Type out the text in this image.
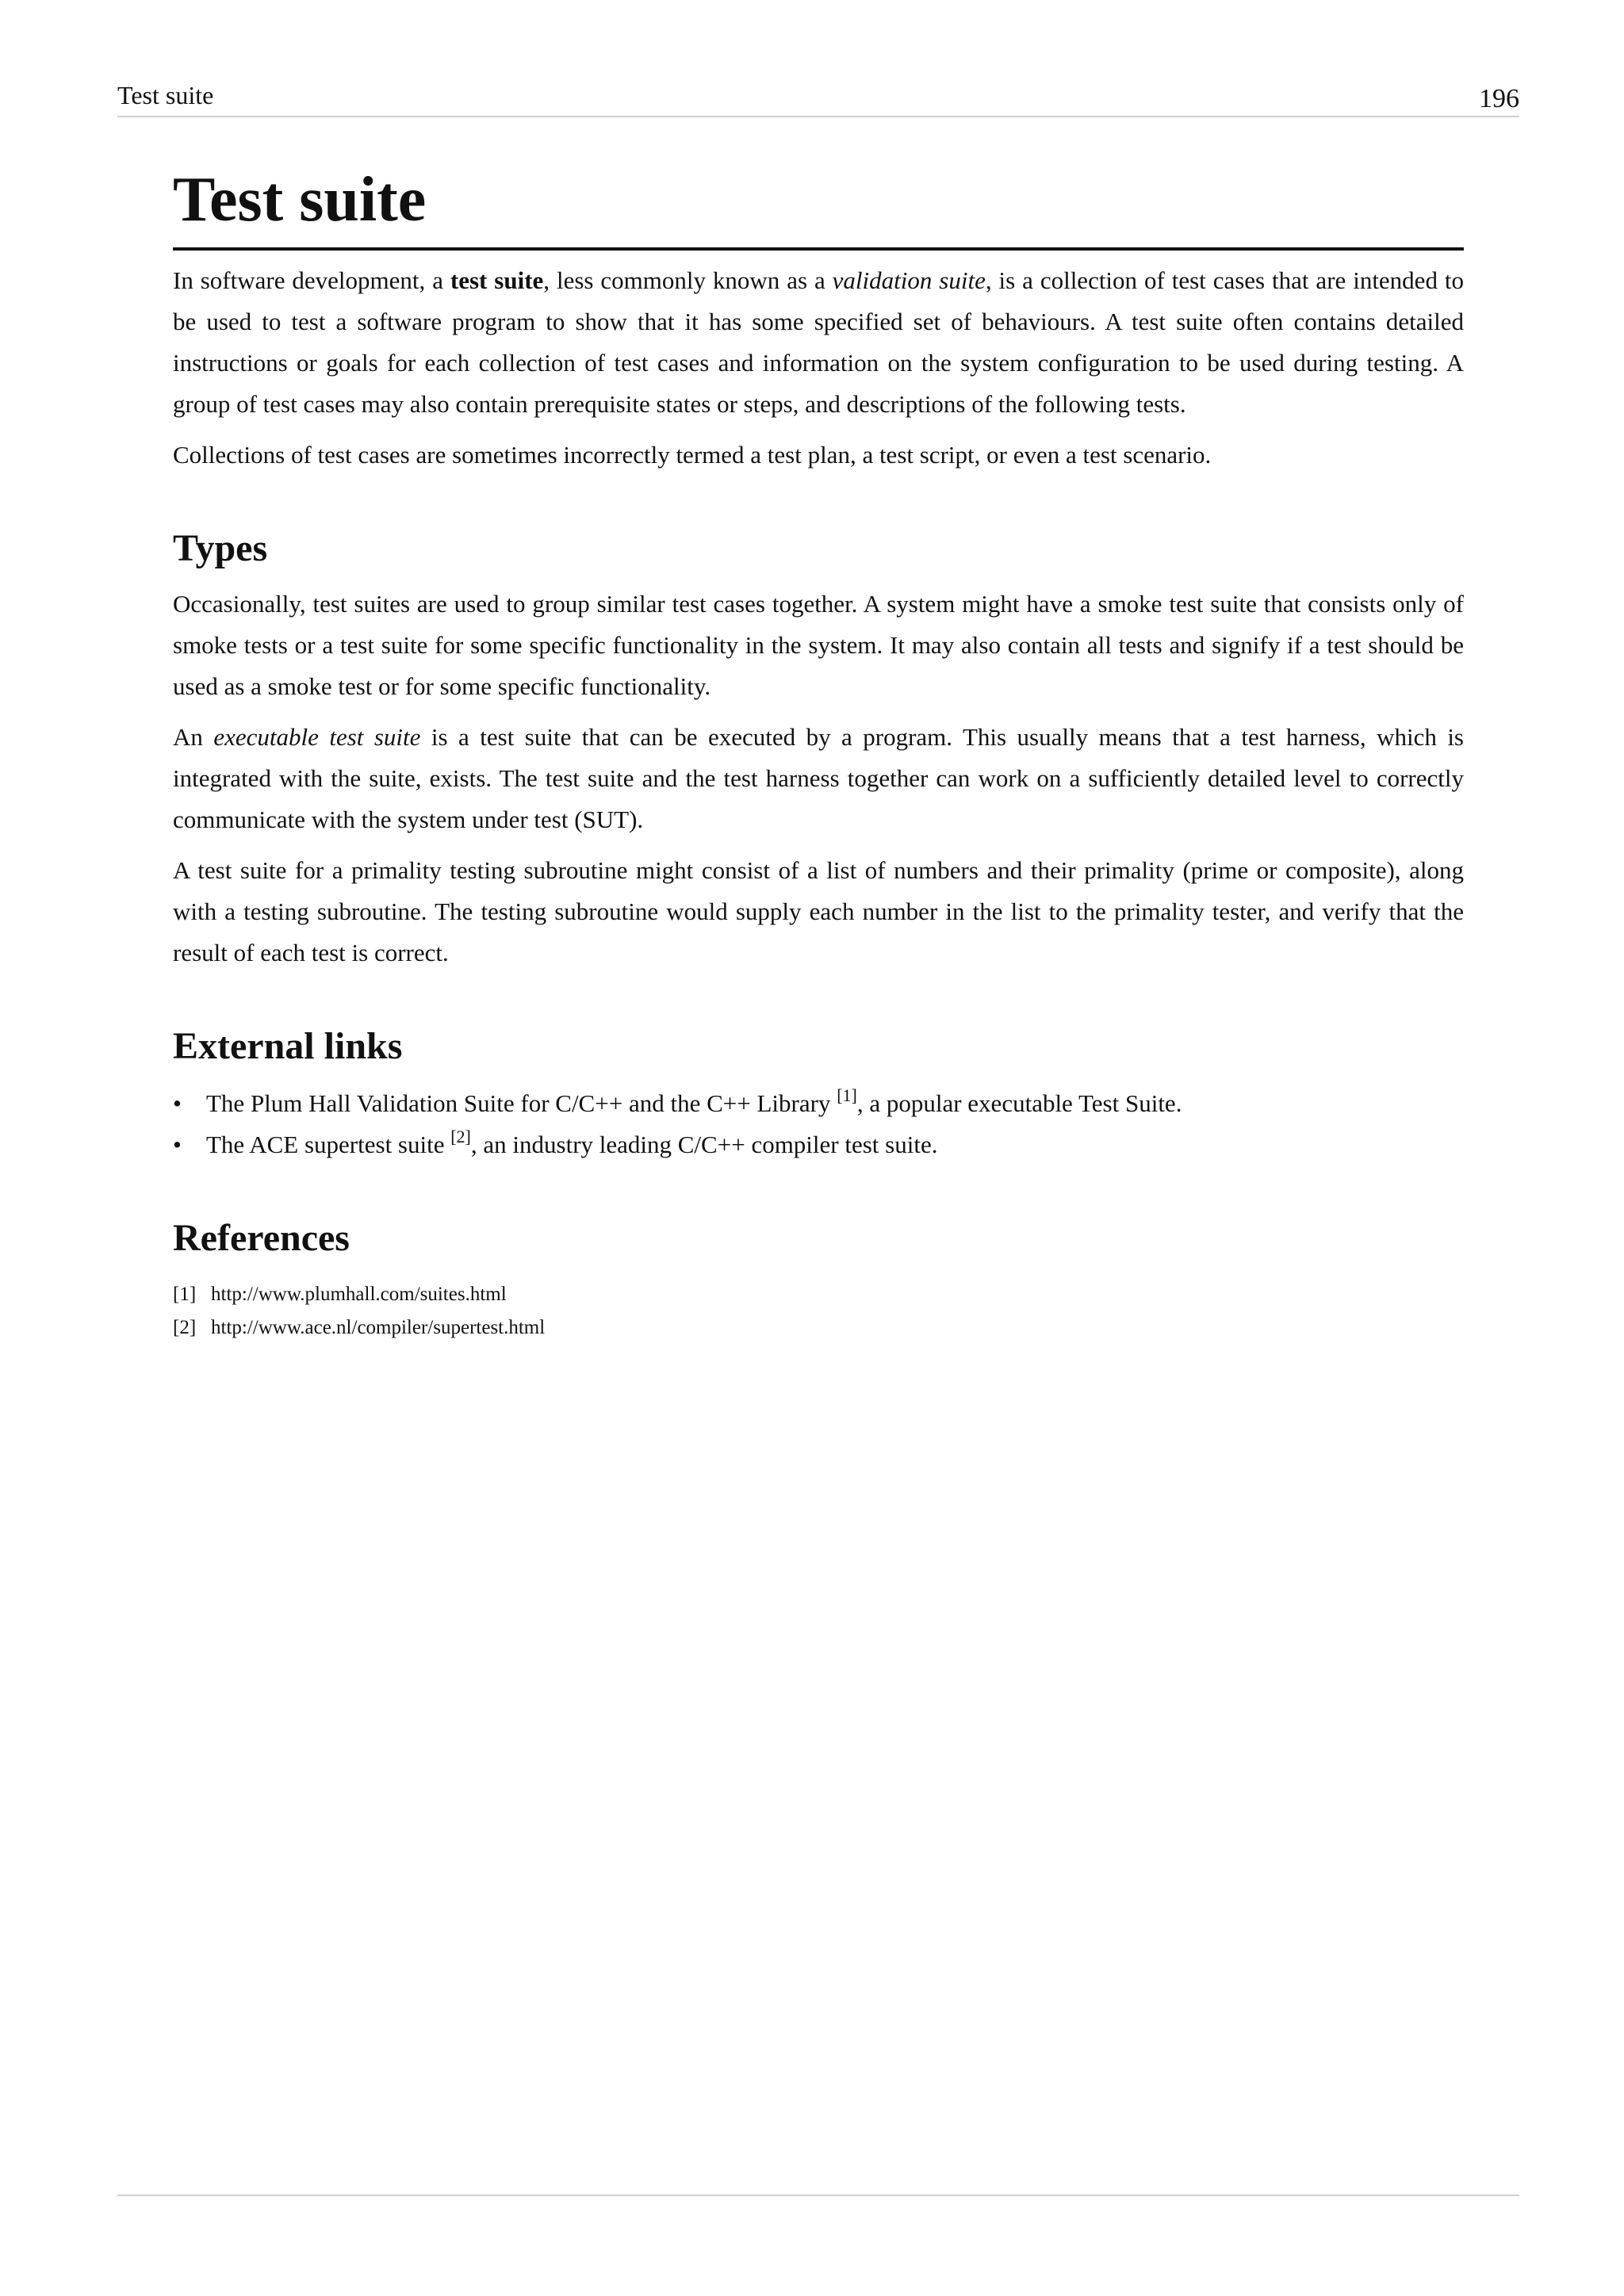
Test suite	196
Test suite

In software development, a test suite, less commonly known as a validation suite, is a collection of test cases that are intended to be used to test a software program to show that it has some specified set of behaviours. A test suite often contains detailed instructions or goals for each collection of test cases and information on the system configuration to be used during testing. A group of test cases may also contain prerequisite states or steps, and descriptions of the following tests.

Collections of test cases are sometimes incorrectly termed a test plan, a test script, or even a test scenario.

Types

Occasionally, test suites are used to group similar test cases together. A system might have a smoke test suite that consists only of smoke tests or a test suite for some specific functionality in the system. It may also contain all tests and signify if a test should be used as a smoke test or for some specific functionality.

An executable test suite is a test suite that can be executed by a program. This usually means that a test harness, which is integrated with the suite, exists. The test suite and the test harness together can work on a sufficiently detailed level to correctly communicate with the system under test (SUT).

A test suite for a primality testing subroutine might consist of a list of numbers and their primality (prime or composite), along with a testing subroutine. The testing subroutine would supply each number in the list to the primality tester, and verify that the result of each test is correct.

External links
• The Plum Hall Validation Suite for C/C++ and the C++ Library [1], a popular executable Test Suite.
• The ACE supertest suite [2], an industry leading C/C++ compiler test suite.
References
[1] http://www.plumhall.com/suites.html
[2] http://www.ace.nl/compiler/supertest.html
